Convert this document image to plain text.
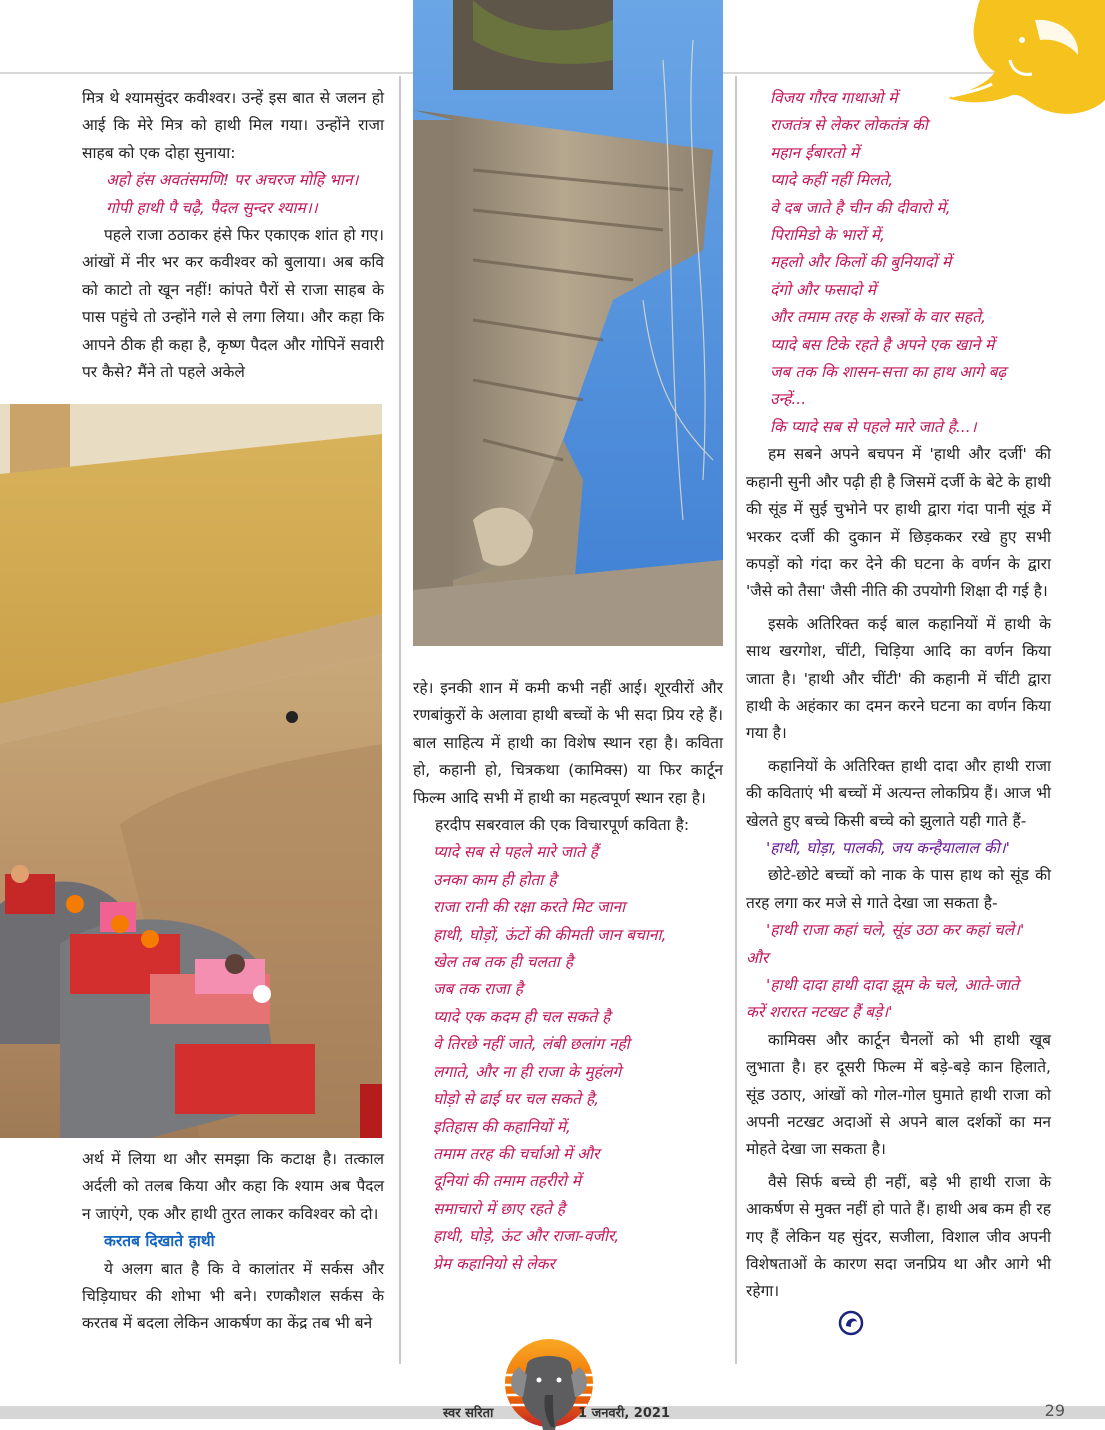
मित्र थे श्यामसुंदर कवीश्वर। उन्हें इस बात से जलन हो आई कि मेरे मित्र को हाथी मिल गया। उन्होंने राजा साहब को एक दोहा सुनाया:

अहो हंस अवतंसमणि! पर अचरज मोहि भान।

गोपी हाथी पै चढ़ै, पैदल सुन्दर श्याम।।

पहले राजा ठठाकर हंसे फिर एकाएक शांत हो गए। आंखों में नीर भर कर कवीश्वर को बुलाया। अब कवि को काटो तो खून नहीं! कांपते पैरों से राजा साहब के पास पहुंचे तो उन्होंने गले से लगा लिया। और कहा कि आपने ठीक ही कहा है, कृष्ण पैदल और गोपिनें सवारी पर कैसे? मैंने तो पहले अकेले

अर्थ में लिया था और समझा कि कटाक्ष है। तत्काल अर्दली को तलब किया और कहा कि श्याम अब पैदल न जाएंगे, एक और हाथी तुरत लाकर कविश्वर को दो।

करतब दिखाते हाथी

ये अलग बात है कि वे कालांतर में सर्कस और चिड़ियाघर की शोभा भी बने। रणकौशल सर्कस के करतब में बदला लेकिन आकर्षण का केंद्र तब भी बने

रहे। इनकी शान में कमी कभी नहीं आई। शूरवीरों और रणबांकुरों के अलावा हाथी बच्चों के भी सदा प्रिय रहे हैं। बाल साहित्य में हाथी का विशेष स्थान रहा है। कविता हो, कहानी हो, चित्रकथा (कामिक्स) या फिर कार्टून फिल्म आदि सभी में हाथी का महत्वपूर्ण स्थान रहा है।

हरदीप सबरवाल की एक विचारपूर्ण कविता है:

प्यादे सब से पहले मारे जाते हैं

उनका काम ही होता है

राजा रानी की रक्षा करते मिट जाना

हाथी, घोड़ों, ऊंटों की कीमती जान बचाना,

खेल तब तक ही चलता है

जब तक राजा है

प्यादे एक कदम ही चल सकते है

वे तिरछे नहीं जाते, लंबी छलांग नही

लगाते, और ना ही राजा के मुहंलगे

घोड़ो से ढाई घर चल सकते है,

इतिहास की कहानियों में,

तमाम तरह की चर्चाओ में और

दूनियां की तमाम तहरीरो में

समाचारो में छाए रहते है

हाथी, घोड़े, ऊंट और राजा-वजीर,

प्रेम कहानियो से लेकर

विजय गौरव गाथाओ में

राजतंत्र से लेकर लोकतंत्र की

महान ईबारतो में

प्यादे कहीं नहीं मिलते,

वे दब जाते है चीन की दीवारो में,

पिरामिडो के भारों में,

महलो और किलों की बुनियादों में

दंगो और फसादो में

और तमाम तरह के शस्त्रों के वार सहते,

प्यादे बस टिके रहते है अपने एक खाने में

जब तक कि शासन-सत्ता का हाथ आगे बढ़

उन्हें...

कि प्यादे सब से पहले मारे जाते है...।

हम सबने अपने बचपन में 'हाथी और दर्जी' की कहानी सुनी और पढ़ी ही है जिसमें दर्जी के बेटे के हाथी की सूंड में सुई चुभोने पर हाथी द्वारा गंदा पानी सूंड में भरकर दर्जी की दुकान में छिड़ककर रखे हुए सभी कपड़ों को गंदा कर देने की घटना के वर्णन के द्वारा 'जैसे को तैसा' जैसी नीति की उपयोगी शिक्षा दी गई है।

इसके अतिरिक्त कई बाल कहानियों में हाथी के साथ खरगोश, चींटी, चिड़िया आदि का वर्णन किया जाता है। 'हाथी और चींटी' की कहानी में चींटी द्वारा हाथी के अहंकार का दमन करने घटना का वर्णन किया गया है।

कहानियों के अतिरिक्त हाथी दादा और हाथी राजा की कविताएं भी बच्चों में अत्यन्त लोकप्रिय हैं। आज भी खेलते हुए बच्चे किसी बच्चे को झुलाते यही गाते हैं-

'हाथी, घोड़ा, पालकी, जय कन्हैयालाल की।'

छोटे-छोटे बच्चों को नाक के पास हाथ को सूंड की तरह लगा कर मजे से गाते देखा जा सकता है-

'हाथी राजा कहां चले, सूंड उठा कर कहां चले।'

और

'हाथी दादा हाथी दादा झूम के चले, आते-जाते

करें शरारत नटखट हैं बड़े।'

कामिक्स और कार्टून चैनलों को भी हाथी खूब लुभाता है। हर दूसरी फिल्म में बड़े-बड़े कान हिलाते, सूंड उठाए, आंखों को गोल-गोल घुमाते हाथी राजा को अपनी नटखट अदाओं से अपने बाल दर्शकों का मन मोहते देखा जा सकता है।

वैसे सिर्फ बच्चे ही नहीं, बड़े भी हाथी राजा के आकर्षण से मुक्त नहीं हो पाते हैं। हाथी अब कम ही रह गए हैं लेकिन यह सुंदर, सजीला, विशाल जीव अपनी विशेषताओं के कारण सदा जनप्रिय था और आगे भी रहेगा।

स्वर सरिता	1 जनवरी, 2021	29
